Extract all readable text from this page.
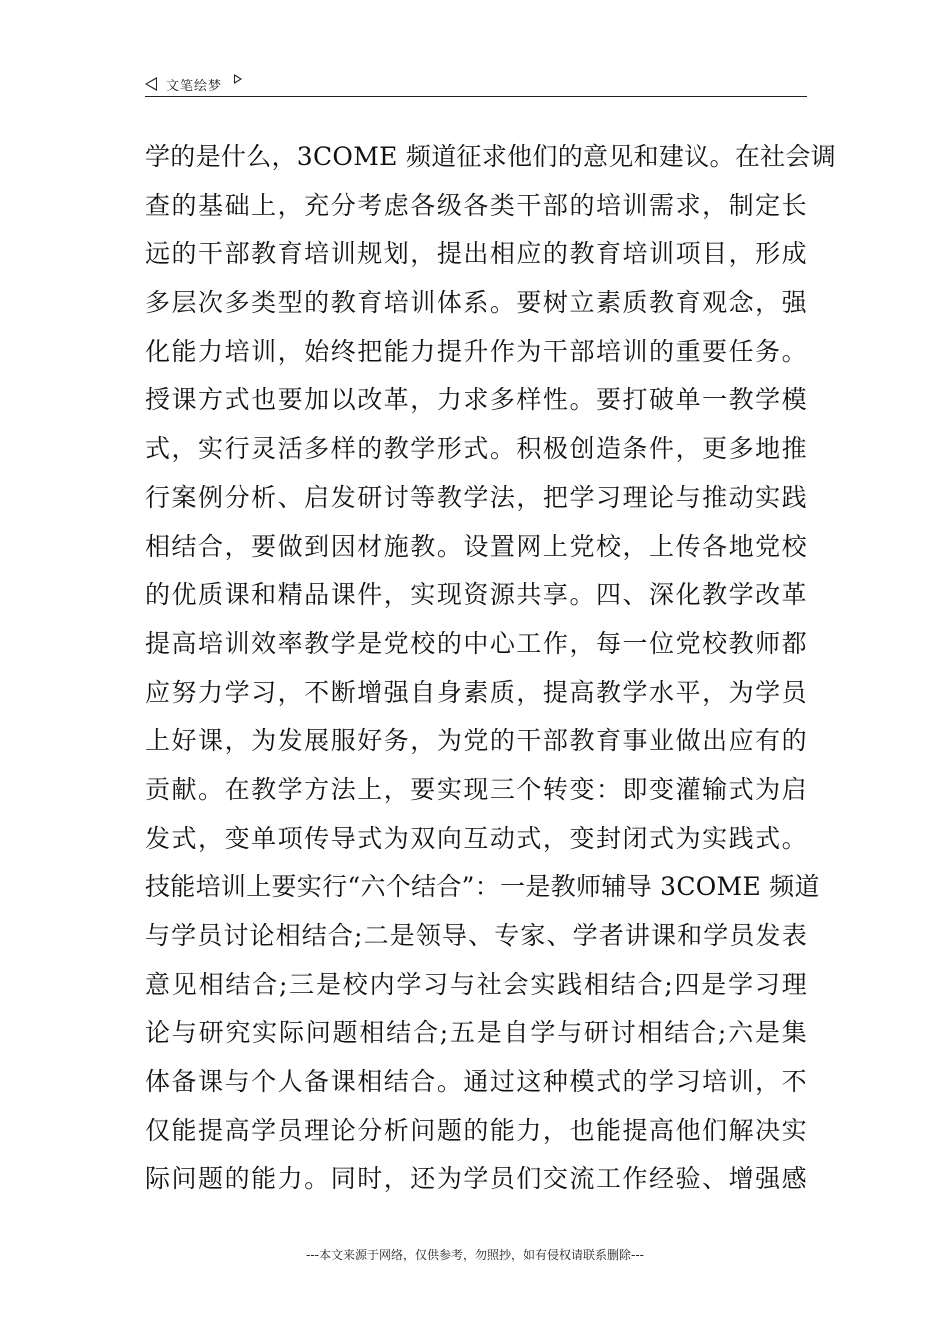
文笔绘梦
学的是什么，3COME 频道征求他们的意见和建议。在社会调
查的基础上，充分考虑各级各类干部的培训需求，制定长
远的干部教育培训规划，提出相应的教育培训项目，形成
多层次多类型的教育培训体系。要树立素质教育观念，强
化能力培训，始终把能力提升作为干部培训的重要任务。
授课方式也要加以改革，力求多样性。要打破单一教学模
式，实行灵活多样的教学形式。积极创造条件，更多地推
行案例分析、启发研讨等教学法，把学习理论与推动实践
相结合，要做到因材施教。设置网上党校，上传各地党校
的优质课和精品课件，实现资源共享。四、深化教学改革
提高培训效率教学是党校的中心工作，每一位党校教师都
应努力学习，不断增强自身素质，提高教学水平，为学员
上好课，为发展服好务，为党的干部教育事业做出应有的
贡献。在教学方法上，要实现三个转变：即变灌输式为启
发式，变单项传导式为双向互动式，变封闭式为实践式。
技能培训上要实行“六个结合”：一是教师辅导 3COME 频道
与学员讨论相结合;二是领导、专家、学者讲课和学员发表
意见相结合;三是校内学习与社会实践相结合;四是学习理
论与研究实际问题相结合;五是自学与研讨相结合;六是集
体备课与个人备课相结合。通过这种模式的学习培训，不
仅能提高学员理论分析问题的能力，也能提高他们解决实
际问题的能力。同时，还为学员们交流工作经验、增强感
---本文来源于网络，仅供参考，勿照抄，如有侵权请联系删除---
